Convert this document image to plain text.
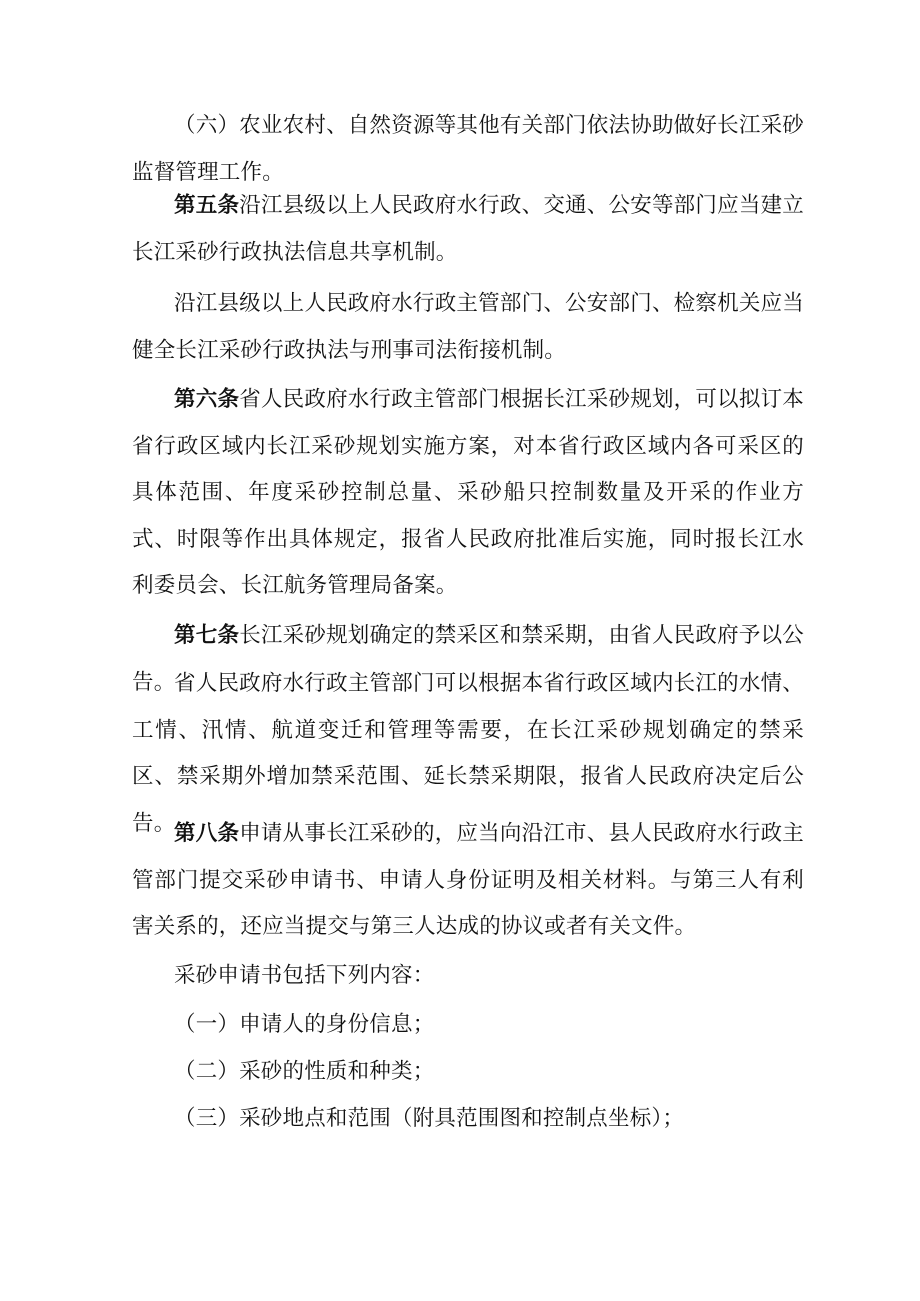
（六）农业农村、自然资源等其他有关部门依法协助做好长江采砂监督管理工作。

第五条沿江县级以上人民政府水行政、交通、公安等部门应当建立长江采砂行政执法信息共享机制。

沿江县级以上人民政府水行政主管部门、公安部门、检察机关应当健全长江采砂行政执法与刑事司法衔接机制。

第六条省人民政府水行政主管部门根据长江采砂规划，可以拟订本省行政区域内长江采砂规划实施方案，对本省行政区域内各可采区的具体范围、年度采砂控制总量、采砂船只控制数量及开采的作业方式、时限等作出具体规定，报省人民政府批准后实施，同时报长江水利委员会、长江航务管理局备案。

第七条长江采砂规划确定的禁采区和禁采期，由省人民政府予以公告。

省人民政府水行政主管部门可以根据本省行政区域内长江的水情、工情、汛情、航道变迁和管理等需要，在长江采砂规划确定的禁采区、禁采期外增加禁采范围、延长禁采期限，报省人民政府决定后公告。

第八条申请从事长江采砂的，应当向沿江市、县人民政府水行政主管部门提交采砂申请书、申请人身份证明及相关材料。与第三人有利害关系的，还应当提交与第三人达成的协议或者有关文件。

采砂申请书包括下列内容：

（一）申请人的身份信息；

（二）采砂的性质和种类；

（三）采砂地点和范围（附具范围图和控制点坐标）；
